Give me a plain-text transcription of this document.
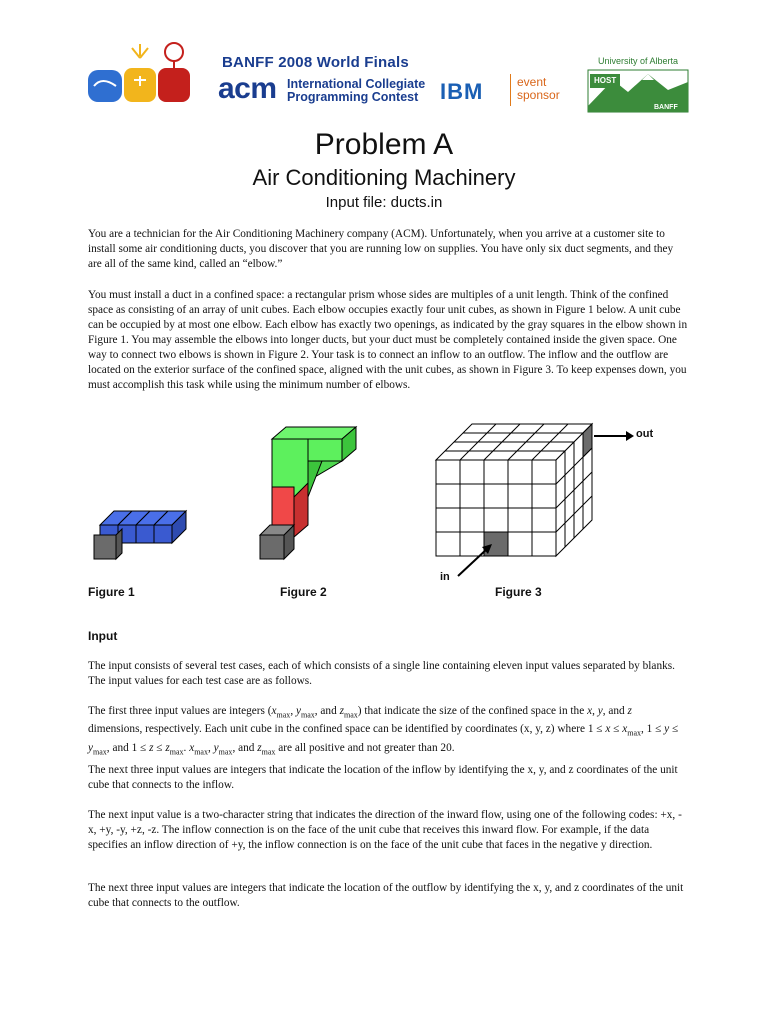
BANFF 2008 World Finals
acm International Collegiate
Programming Contest IBM	event
sponsor
University of Alberta
HOST
BANFF
Problem A
Air Conditioning Machinery
Input file: ducts.in

You are a technician for the Air Conditioning Machinery company (ACM). Unfortunately, when you arrive at a customer site to install some air conditioning ducts, you discover that you are running low on supplies. You have only six duct segments, and they are all of the same kind, called an “elbow.”

You must install a duct in a confined space: a rectangular prism whose sides are multiples of a unit length. Think of the confined space as consisting of an array of unit cubes. Each elbow occupies exactly four unit cubes, as shown in Figure 1 below. A unit cube can be occupied by at most one elbow. Each elbow has exactly two openings, as indicated by the gray squares in the elbow shown in Figure 1. You may assemble the elbows into longer ducts, but your duct must be completely contained inside the given space. One way to connect two elbows is shown in Figure 2. Your task is to connect an inflow to an outflow. The inflow and the outflow are located on the exterior surface of the confined space, aligned with the unit cubes, as shown in Figure 3. To keep expenses down, you must accomplish this task while using the minimum number of elbows.

Figure 1	Figure 2
out
in
Figure 3
Input

The input consists of several test cases, each of which consists of a single line containing eleven input values separated by blanks. The input values for each test case are as follows.

The first three input values are integers ($x_{max}$, $y_{max}$, and $z_{max}$) that indicate the size of the confined space in the x, y, and z dimensions, respectively. Each unit cube in the confined space can be identified by coordinates (x, y, z) where $1 \le x \le x_{max}$, $1 \le y \le y_{max}$, and $1 \le z \le z_{max}$. $x_{max}$, $y_{max}$, and $z_{max}$ are all positive and not greater than 20.

The next three input values are integers that indicate the location of the inflow by identifying the x, y, and z coordinates of the unit cube that connects to the inflow.

The next input value is a two-character string that indicates the direction of the inward flow, using one of the following codes: +x, -x, +y, -y, +z, -z. The inflow connection is on the face of the unit cube that receives this inward flow. For example, if the data specifies an inflow direction of +y, the inflow connection is on the face of the unit cube that faces in the negative y direction.

The next three input values are integers that indicate the location of the outflow by identifying the x, y, and z coordinates of the unit cube that connects to the outflow.
